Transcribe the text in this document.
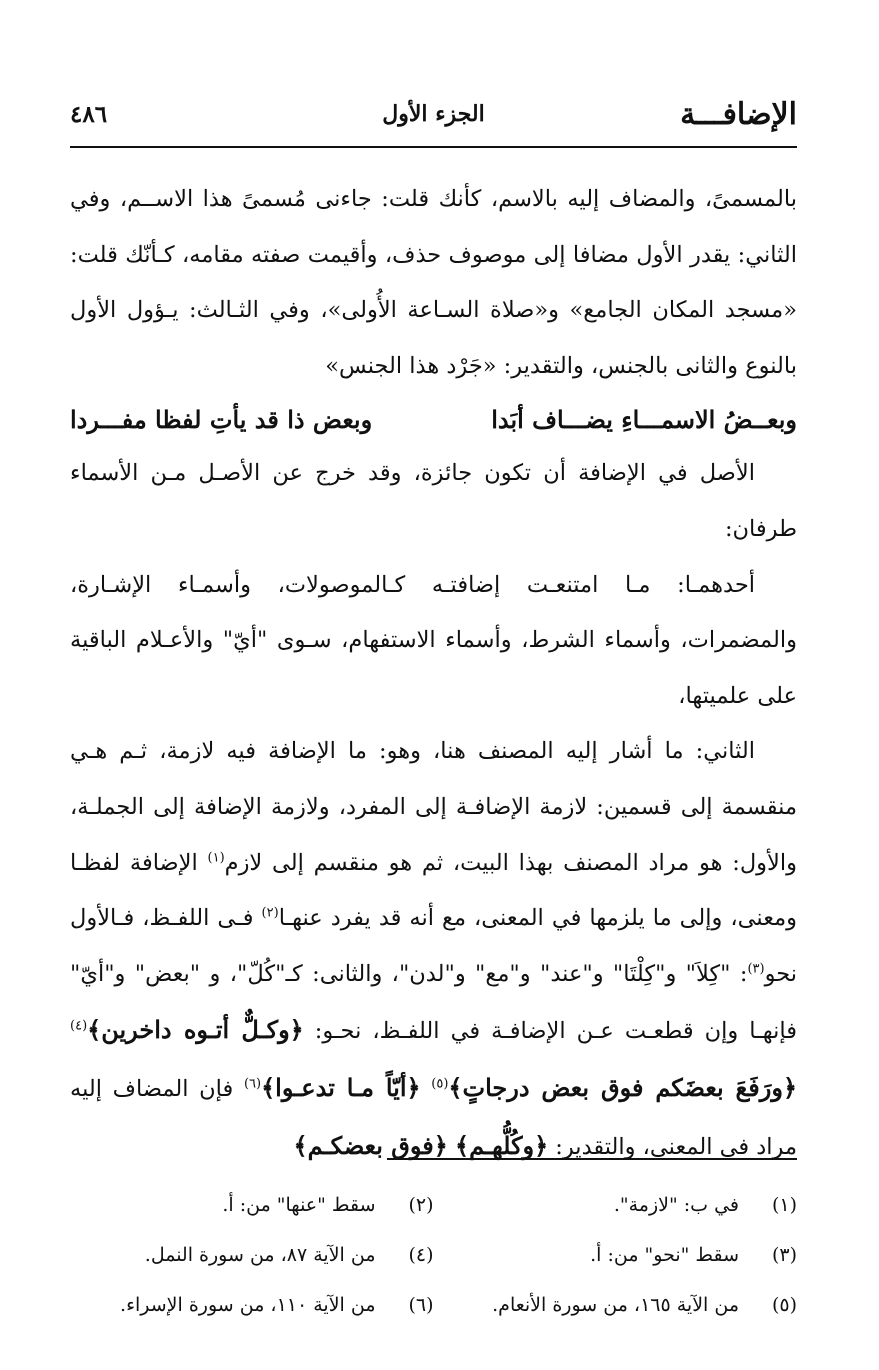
الإضافـــة
الجزء الأول
٤٨٦

بالمسمىً، والمضاف إليه بالاسم، كأنك قلت: جاءنى مُسمىً هذا الاســم، وفي الثاني: يقدر الأول مضافا إلى موصوف حذف، وأقيمت صفته مقامه، كـأنّك قلت: «مسجد المكان الجامع» و«صلاة السـاعة الأُولى»، وفي الثـالث: يـؤول الأول بالنوع والثانى بالجنس، والتقدير: «جَرْد هذا الجنس»

وبعــضُ الاسمـــاءِ يضـــاف أبَدا
وبعض ذا قد يأتِ لفظا مفـــردا

الأصل في الإضافة أن تكون جائزة، وقد خرج عن الأصـل مـن الأسماء طرفان:

أحدهمـا: مـا امتنعـت إضافتـه كـالموصولات، وأسمـاء الإشـارة، والمضمرات، وأسماء الشرط، وأسماء الاستفهام، سـوى "أيّ" والأعـلام الباقية على علميتها،

الثاني: ما أشار إليه المصنف هنا، وهو: ما الإضافة فيه لازمة، ثـم هـي منقسمة إلى قسمين: لازمة الإضافـة إلى المفرد، ولازمة الإضافة إلى الجملـة، والأول: هو مراد المصنف بهذا البيت، ثم هو منقسم إلى لازم$^{(١)}$ الإضافة لفظـا ومعنى، وإلى ما يلزمها في المعنى، مع أنه قد يفرد عنهـا$^{(٢)}$ فـى اللفـظ، فـالأول نحو$^{(٣)}$: "كِلاَ" و"كِلْتَا" و"عند" و"مع" و"لدن"، والثانى: كـ"كُلّ"، و "بعض" و"أيّ" فإنهـا وإن قطعـت عـن الإضافـة في اللفـظ، نحـو: ﴿وكـلٌّ أتـوه داخرين﴾$^{(٤)}$ ﴿ورَفَعَ بعضَكم فوق بعض درجاتٍ﴾$^{(٥)}$ ﴿أيّاً مـا تدعـوا﴾$^{(٦)}$ فإن المضاف إليه مراد فى المعنى، والتقدير: ﴿وكُلُّهـم﴾ ﴿فوق بعضكـم﴾

(١)
في ب: "لازمة".
(٢)
سقط "عنها" من: أ.
(٣)
سقط "نحو" من: أ.
(٤)
من الآية ٨٧، من سورة النمل.
(٥)
من الآية ١٦٥، من سورة الأنعام.
(٦)
من الآية ١١٠، من سورة الإسراء.
